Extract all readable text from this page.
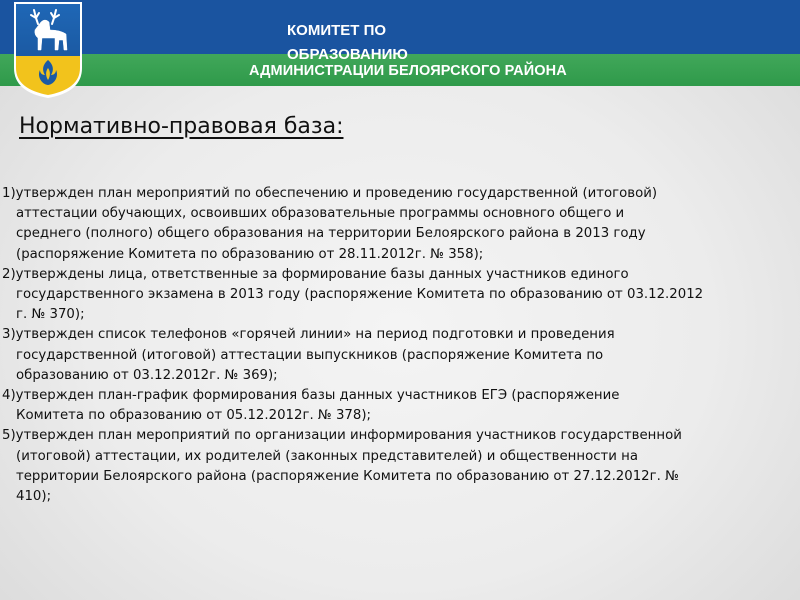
КОМИТЕТ ПО ОБРАЗОВАНИЮ
АДМИНИСТРАЦИИ БЕЛОЯРСКОГО РАЙОНА
Нормативно-правовая база:
1)утвержден план мероприятий по обеспечению и проведению государственной (итоговой)
аттестации обучающих, освоивших образовательные программы основного общего и
среднего (полного) общего образования на территории Белоярского района в 2013 году
(распоряжение Комитета по образованию от 28.11.2012г. № 358);
2)утверждены лица, ответственные за формирование базы данных участников единого
государственного экзамена в 2013 году (распоряжение Комитета по образованию от 03.12.2012
г. № 370);
3)утвержден список телефонов «горячей линии» на период подготовки и проведения
государственной (итоговой) аттестации выпускников (распоряжение Комитета по
образованию от 03.12.2012г. № 369);
4)утвержден план-график формирования базы данных участников ЕГЭ (распоряжение
Комитета по образованию от 05.12.2012г. № 378);
5)утвержден план мероприятий по организации информирования участников государственной
(итоговой) аттестации, их родителей (законных представителей) и общественности на
территории Белоярского района (распоряжение Комитета по образованию от 27.12.2012г. №
410);
